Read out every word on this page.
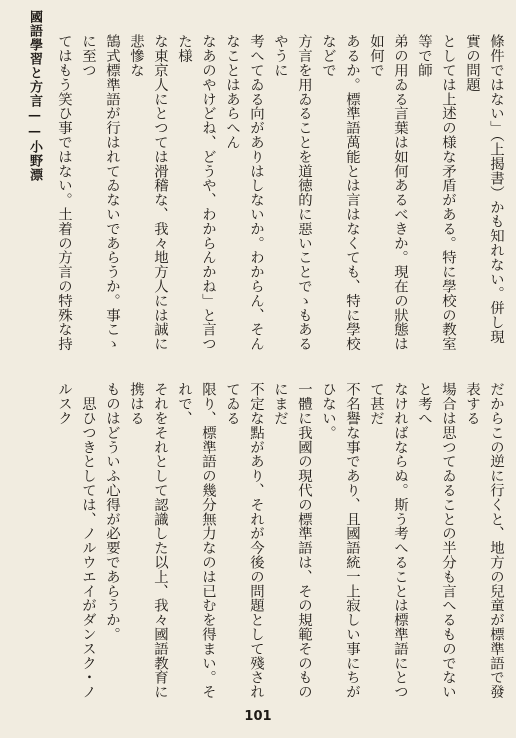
國語學習と方言——小野漂	條件ではない」（上揭書）かも知れない。併し現實の問題

としては上述の様な矛盾がある。特に學校の教室等で師

弟の用ゐる言葉は如何あるべきか。現在の狀態は如何で

あるか。標準語萬能とは言はなくても、特に學校などで

方言を用ゐることを道徳的に惡いことでゝもあるやうに

考へてゐる向がありはしないか。わからん、そんなことはあらへん

なあのやけどね、どうや、わからんかね」と言つた様

な東京人にとつては滑稽な、我々地方人には誠に悲慘な

鵠式標準語が行はれてゐないであらうか。事こゝに至つ

てはもう笑ひ事ではない。土着の方言の特殊な持

だからこの逆に行くと、地方の兒童が標準語で發表する

場合は思つてゐることの半分も言へるものでないと考へ

なければならぬ。斯う考へることは標準語にとつて甚だ

不名譽な事であり、且國語統一上寂しい事にちがひない。

一體に我國の現代の標準語は、その規範そのものにまだ

不定な點があり、それが今後の問題として殘されてゐる

限り、標準語の幾分無力なのは已むを得まい。それで、

それをそれとして認識した以上、我々國語教育に携はる

ものはどういふ心得が必要であらうか。

　思ひつきとしては、ノルウエイがダンスク・ノルスク

101
